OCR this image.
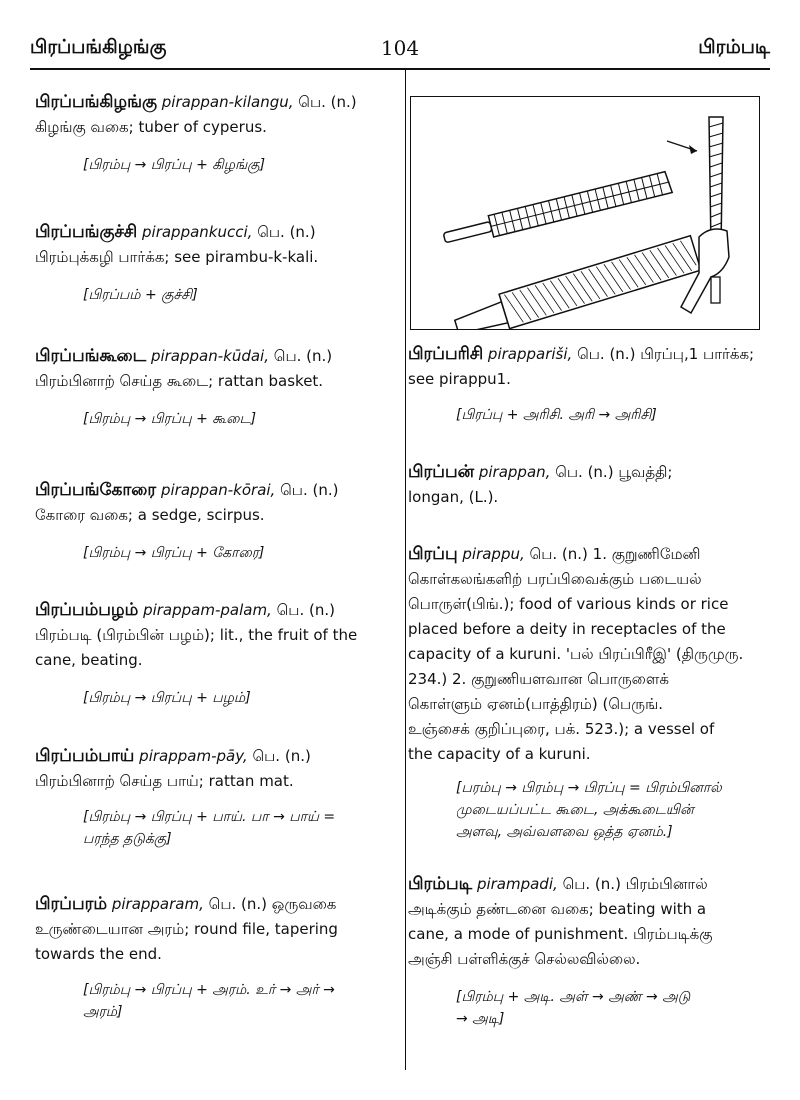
பிரப்பங்கிழங்கு	104	பிரம்படி
பிரப்பங்கிழங்கு pirappan-kilangu, பெ. (n.)
கிழங்கு வகை; tuber of cyperus.
[பிரம்பு → பிரப்பு + கிழங்கு]
பிரப்பங்குச்சி pirappankucci, பெ. (n.)
பிரம்புக்கழி பார்க்க; see pirambu-k-kali.
[பிரப்பம் + குச்சி]
பிரப்பங்கூடை pirappan-kūdai, பெ. (n.)
பிரம்பினாற் செய்த கூடை; rattan basket.
[பிரம்பு → பிரப்பு + கூடை]
பிரப்பங்கோரை pirappan-kōrai, பெ. (n.)
கோரை வகை; a sedge, scirpus.
[பிரம்பு → பிரப்பு + கோரை]
பிரப்பம்பழம் pirappam-palam, பெ. (n.)
பிரம்படி (பிரம்பின் பழம்); lit., the fruit of the
cane, beating.
[பிரம்பு → பிரப்பு + பழம்]
பிரப்பம்பாய் pirappam-pāy, பெ. (n.)
பிரம்பினாற் செய்த பாய்; rattan mat.
[பிரம்பு → பிரப்பு + பாய். பா → பாய் =
பரந்த தடுக்கு]
பிரப்பரம் pirapparam, பெ. (n.) ஒருவகை
உருண்டையான அரம்; round file, tapering
towards the end.
[பிரம்பு → பிரப்பு + அரம். உர் → அர் →
அரம்]
பிரப்பரிசி pirappariši, பெ. (n.) பிரப்பு,1 பார்க்க;
see pirappu1.
[பிரப்பு + அரிசி. அரி → அரிசி]
பிரப்பன் pirappan, பெ. (n.) பூவத்தி;
longan, (L.).
பிரப்பு pirappu, பெ. (n.) 1. குறுணிமேனி
கொள்கலங்களிற் பரப்பிவைக்கும் படையல்
பொருள்(பிங்.); food of various kinds or rice
placed before a deity in receptacles of the
capacity of a kuruni. 'பல் பிரப்பிரீஇ' (திருமுரு.
234.) 2. குறுணியளவான பொருளைக்
கொள்ளும் ஏனம்(பாத்திரம்) (பெருங்.
உஞ்சைக் குறிப்புரை, பக். 523.); a vessel of
the capacity of a kuruni.
[பரம்பு → பிரம்பு → பிரப்பு = பிரம்பினால்
முடையப்பட்ட கூடை, அக்கூடையின்
அளவு, அவ்வளவை ஒத்த ஏனம்.]
பிரம்படி pirampadi, பெ. (n.) பிரம்பினால்
அடிக்கும் தண்டனை வகை; beating with a
cane, a mode of punishment. பிரம்படிக்கு
அஞ்சி பள்ளிக்குச் செல்லவில்லை.
[பிரம்பு + அடி. அள் → அண் → அடு
→ அடி]
